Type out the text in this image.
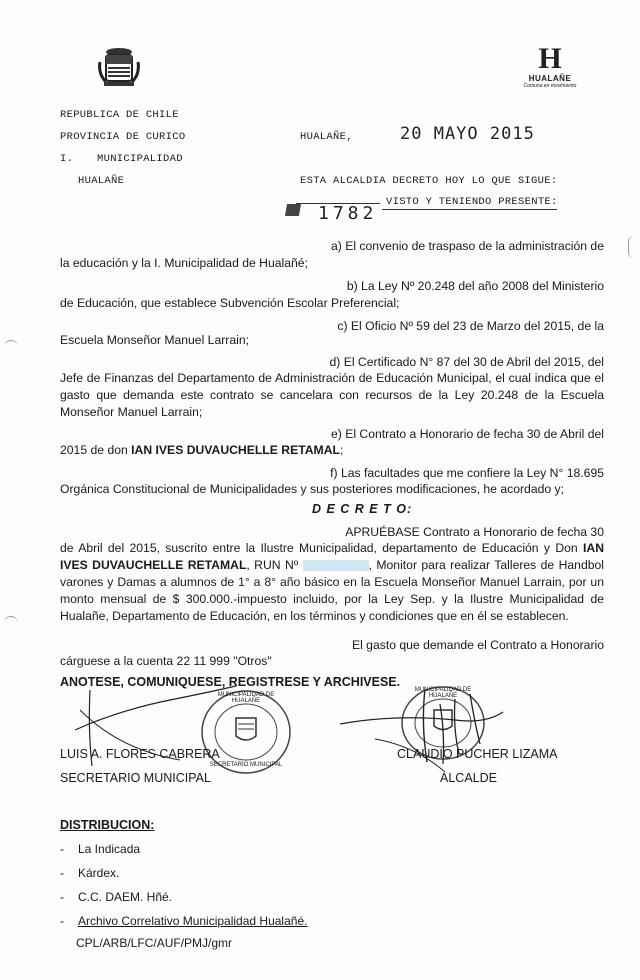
H
HUALAÑE
Comuna en movimiento
REPUBLICA DE CHILE
PROVINCIA DE CURICO
I. MUNICIPALIDAD
HUALAÑE
HUALAÑE,	20 MAYO 2015
ESTA ALCALDIA DECRETO HOY LO QUE SIGUE:
1782
VISTO Y TENIENDO PRESENTE:
a) El convenio de traspaso de la administración de
la educación y la I. Municipalidad de Hualañé;
b) La Ley Nº 20.248 del año 2008 del Ministerio
de Educación, que establece Subvención Escolar Preferencial;
c) El Oficio Nº 59 del 23 de Marzo del 2015, de la
Escuela Monseñor Manuel Larrain;
d) El Certificado N° 87 del 30 de Abril del 2015, del
Jefe de Finanzas del Departamento de Administración de Educación Municipal, el cual indica que el gasto que demanda este contrato se cancelara con recursos de la Ley 20.248 de la Escuela Monseñor Manuel Larrain;
e) El Contrato a Honorario de fecha 30 de Abril del
2015 de don IAN IVES DUVAUCHELLE RETAMAL;
f) Las facultades que me confiere la Ley N° 18.695
Orgánica Constitucional de Municipalidades y sus posteriores modificaciones, he acordado y;
D E C R E T O:
APRUÉBASE Contrato a Honorario de fecha 30
de Abril del 2015, suscrito entre la Ilustre Municipalidad, departamento de Educación y Don IAN IVES DUVAUCHELLE RETAMAL, RUN Nº	, Monitor para realizar Talleres de Handbol varones y Damas a alumnos de 1° a 8° año básico en la Escuela Monseñor Manuel Larrain, por un monto mensual de $ 300.000.-impuesto incluido, por la Ley Sep. y la Ilustre Municipalidad de Hualañe, Departamento de Educación, en los términos y condiciones que en él se establecen.
El gasto que demande el Contrato a Honorario
cárguese a la cuenta 22 11 999 "Otros"
ANOTESE, COMUNIQUESE, REGISTRESE Y ARCHIVESE.
MUNICIPALIDAD DE HUALAÑE
SECRETARIO MUNICIPAL
MUNICIPALIDAD DE HUALAÑE
LUIS A. FLORES CABRERA
SECRETARIO MUNICIPAL
CLAUDIO PUCHER LIZAMA
ALCALDE
DISTRIBUCION:
- La Indicada
- Kárdex.
- C.C. DAEM. Hñé.
- Archivo Correlativo Municipalidad Hualañé.
CPL/ARB/LFC/AUF/PMJ/gmr
